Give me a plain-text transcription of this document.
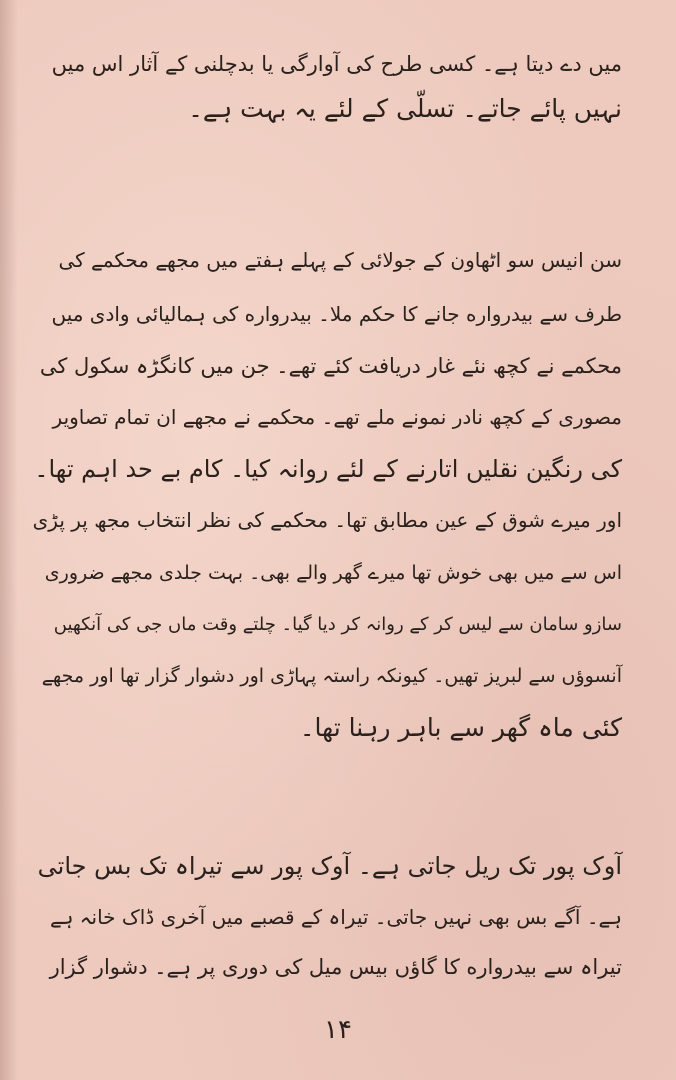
میں دے دیتا ہے۔ کسی طرح کی آوارگی یا بدچلنی کے آثار اس میں
نہیں پائے جاتے۔ تسلّی کے لئے یہ بہت ہے۔
سن انیس سو اٹھاون کے جولائی کے پہلے ہفتے میں مجھے محکمے کی
طرف سے بیدرواره جانے کا حکم ملا۔ بیدرواره کی ہمالیائی وادی میں
محکمے نے کچھ نئے غار دریافت کئے تھے۔ جن میں کانگڑہ سکول کی
مصوری کے کچھ نادر نمونے ملے تھے۔ محکمے نے مجھے ان تمام تصاویر
کی رنگین نقلیں اتارنے کے لئے روانہ کیا۔ کام بے حد اہم تھا۔
اور میرے شوق کے عین مطابق تھا۔ محکمے کی نظر انتخاب مجھ پر پڑی
اس سے میں بھی خوش تھا میرے گھر والے بھی۔ بہت جلدی مجھے ضروری
سازو سامان سے لیس کر کے روانہ کر دیا گیا۔ چلتے وقت ماں جی کی آنکھیں
آنسوؤں سے لبریز تھیں۔ کیونکہ راستہ پہاڑی اور دشوار گزار تھا اور مجھے
کئی ماہ گھر سے باہر رہنا تھا۔
آوک پور تک ریل جاتی ہے۔ آوک پور سے تیراہ تک بس جاتی
ہے۔ آگے بس بھی نہیں جاتی۔ تیراہ کے قصبے میں آخری ڈاک خانہ ہے
تیراہ سے بیدرواره کا گاؤں بیس میل کی دوری پر ہے۔ دشوار گزار
۱۴
